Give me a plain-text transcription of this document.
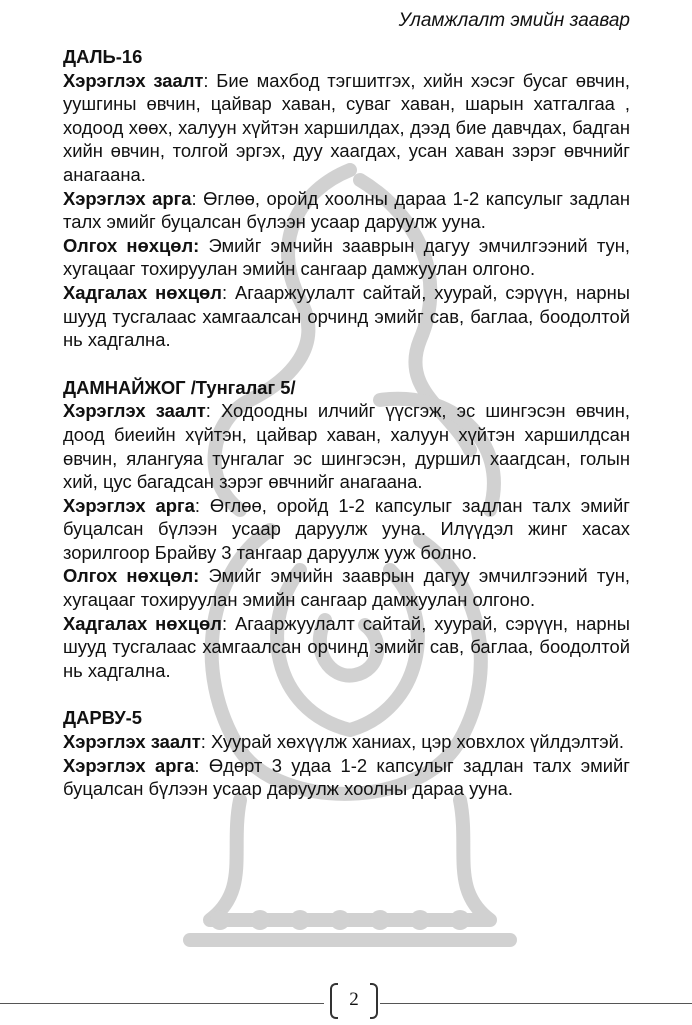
Уламжлалт эмийн заавар
ДАЛЬ-16

Хэрэглэх заалт: Бие махбод тэгшитгэх, хийн хэсэг бусаг өвчин, уушгины өвчин, цайвар хаван, суваг хаван, шарын хатгалгаа , ходоод хөөх, халуун хүйтэн харшилдах, дээд бие давчдах, бадган хийн өвчин, толгой эргэх, дуу хаагдах, усан хаван зэрэг өвчнийг анагаана.

Хэрэглэх арга: Өглөө, оройд хоолны дараа 1-2 капсулыг задлан талх эмийг буцалсан бүлээн усаар даруулж ууна.

Олгох нөхцөл: Эмийг эмчийн зааврын дагуу эмчилгээний тун, хугацааг тохируулан эмийн сангаар дамжуулан олгоно.

Хадгалах нөхцөл: Агааржуулалт сайтай, хуурай, сэрүүн, нарны шууд тусгалаас хамгаалсан орчинд эмийг сав, баглаа, боодолтой нь хадгална.

ДАМНАЙЖОГ /Тунгалаг 5/

Хэрэглэх заалт: Ходоодны илчийг үүсгэж, эс шингэсэн өвчин, доод биеийн хүйтэн, цайвар хаван, халуун хүйтэн харшилдсан өвчин, ялангуяа тунгалаг эс шингэсэн, дуршил хаагдсан, голын хий, цус багадсан зэрэг өвчнийг анагаана.

Хэрэглэх арга: Өглөө, оройд 1-2 капсулыг задлан талх эмийг буцалсан бүлээн усаар даруулж ууна. Илүүдэл жинг хасах зорилгоор Брайву 3 тангаар даруулж ууж болно.

Олгох нөхцөл: Эмийг эмчийн зааврын дагуу эмчилгээний тун, хугацааг тохируулан эмийн сангаар дамжуулан олгоно.

Хадгалах нөхцөл: Агааржуулалт сайтай, хуурай, сэрүүн, нарны шууд тусгалаас хамгаалсан орчинд эмийг сав, баглаа, боодолтой нь хадгална.

ДАРВУ-5

Хэрэглэх заалт: Хуурай хөхүүлж ханиах, цэр ховхлох үйлдэлтэй.

Хэрэглэх арга: Өдөрт 3 удаа 1-2 капсулыг задлан талх эмийг буцалсан бүлээн усаар даруулж хоолны дараа ууна.

2
